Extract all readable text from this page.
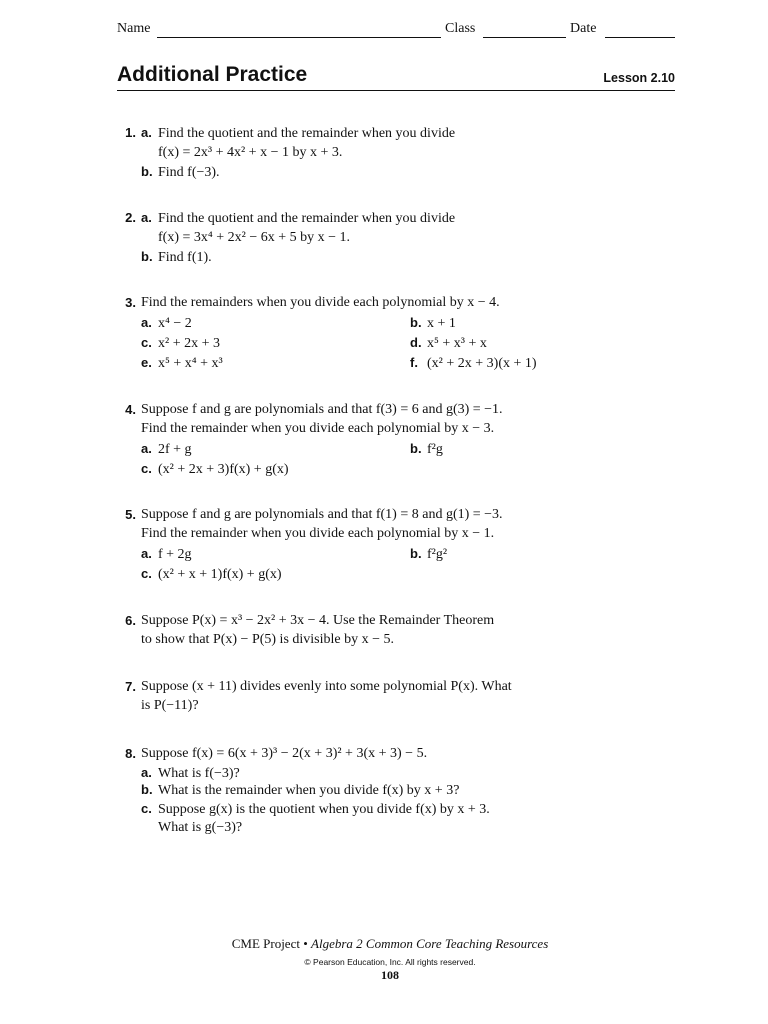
Name	Class	Date
Additional Practice	Lesson 2.10
1. a. Find the quotient and the remainder when you divide
f(x) = 2x³ + 4x² + x − 1 by x + 3.
b. Find f(−3).
2. a. Find the quotient and the remainder when you divide
f(x) = 3x⁴ + 2x² − 6x + 5 by x − 1.
b. Find f(1).
3. Find the remainders when you divide each polynomial by x − 4.
a. x⁴ − 2	b. x + 1
c. x² + 2x + 3	d. x⁵ + x³ + x
e. x⁵ + x⁴ + x³	f. (x² + 2x + 3)(x + 1)
4. Suppose f and g are polynomials and that f(3) = 6 and g(3) = −1.
Find the remainder when you divide each polynomial by x − 3.
a. 2f + g	b. f²g
c. (x² + 2x + 3)f(x) + g(x)
5. Suppose f and g are polynomials and that f(1) = 8 and g(1) = −3.
Find the remainder when you divide each polynomial by x − 1.
a. f + 2g	b. f²g²
c. (x² + x + 1)f(x) + g(x)
6. Suppose P(x) = x³ − 2x² + 3x − 4. Use the Remainder Theorem
to show that P(x) − P(5) is divisible by x − 5.
7. Suppose (x + 11) divides evenly into some polynomial P(x). What
is P(−11)?
8. Suppose f(x) = 6(x + 3)³ − 2(x + 3)² + 3(x + 3) − 5.
a. What is f(−3)?
b. What is the remainder when you divide f(x) by x + 3?
c. Suppose g(x) is the quotient when you divide f(x) by x + 3.
What is g(−3)?
CME Project • Algebra 2 Common Core Teaching Resources
© Pearson Education, Inc. All rights reserved.
108
